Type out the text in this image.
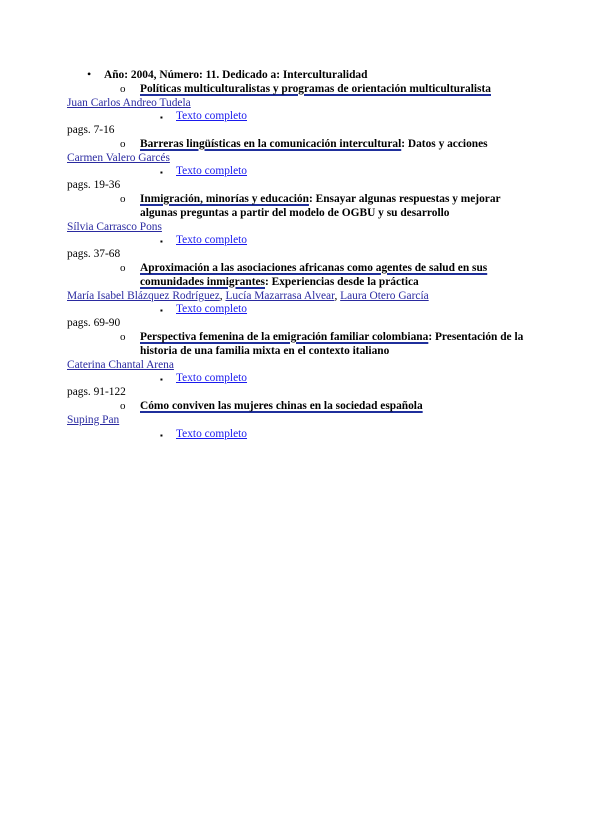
• Año: 2004, Número: 11. Dedicado a: Interculturalidad
o Políticas multiculturalistas y programas de orientación multiculturalista
Juan Carlos Andreo Tudela
▪ Texto completo
pags. 7-16
o Barreras lingüísticas en la comunicación intercultural: Datos y acciones
Carmen Valero Garcés
▪ Texto completo
pags. 19-36
o Inmigración, minorías y educación: Ensayar algunas respuestas y mejorar algunas preguntas a partir del modelo de OGBU y su desarrollo
Sílvia Carrasco Pons
▪ Texto completo
pags. 37-68
o Aproximación a las asociaciones africanas como agentes de salud en sus comunidades inmigrantes: Experiencias desde la práctica
María Isabel Blázquez Rodríguez, Lucía Mazarrasa Alvear, Laura Otero García
▪ Texto completo
pags. 69-90
o Perspectiva femenina de la emigración familiar colombiana: Presentación de la historia de una familia mixta en el contexto italiano
Caterina Chantal Arena
▪ Texto completo
pags. 91-122
o Cómo conviven las mujeres chinas en la sociedad española
Suping Pan
▪ Texto completo
